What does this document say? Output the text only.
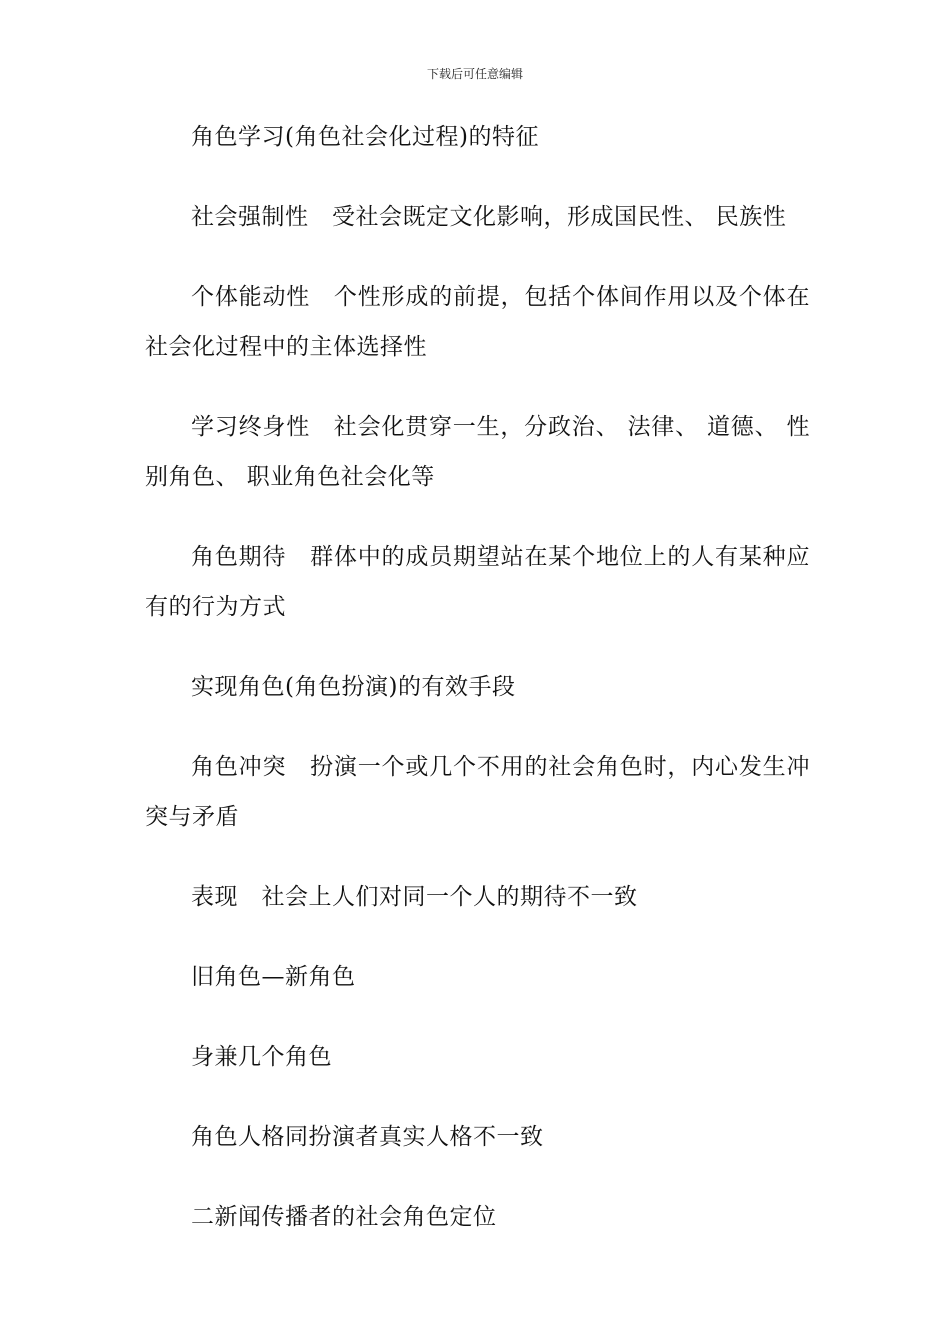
下载后可任意编辑

角色学习(角色社会化过程)的特征

社会强制性　受社会既定文化影响，形成国民性、 民族性

个体能动性　个性形成的前提，包括个体间作用以及个体在社会化过程中的主体选择性

学习终身性　社会化贯穿一生，分政治、 法律、 道德、 性别角色、 职业角色社会化等

角色期待　群体中的成员期望站在某个地位上的人有某种应有的行为方式

实现角色(角色扮演)的有效手段

角色冲突　扮演一个或几个不用的社会角色时，内心发生冲突与矛盾

表现　社会上人们对同一个人的期待不一致

旧角色—新角色

身兼几个角色

角色人格同扮演者真实人格不一致

二新闻传播者的社会角色定位
